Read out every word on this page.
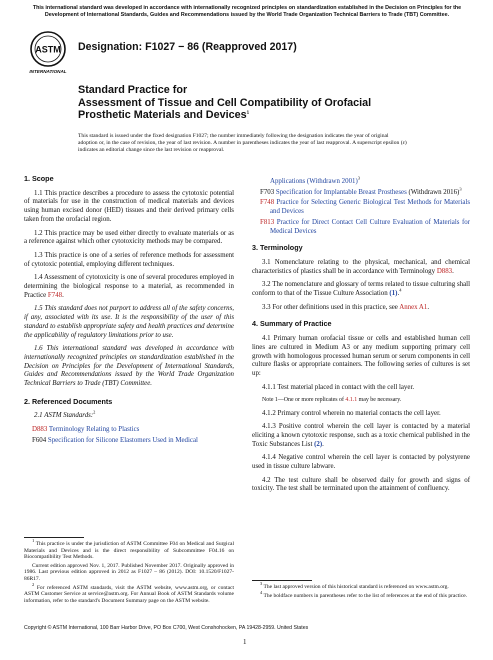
This international standard was developed in accordance with internationally recognized principles on standardization established in the Decision on Principles for the Development of International Standards, Guides and Recommendations issued by the World Trade Organization Technical Barriers to Trade (TBT) Committee.
ASTM
INTERNATIONAL
Designation: F1027 − 86 (Reapproved 2017)
Standard Practice for
Assessment of Tissue and Cell Compatibility of Orofacial
Prosthetic Materials and Devices$^1$
This standard is issued under the fixed designation F1027; the number immediately following the designation indicates the year of original adoption or, in the case of revision, the year of last revision. A number in parentheses indicates the year of last reapproval. A superscript epsilon (ε) indicates an editorial change since the last revision or reapproval.
1. Scope

1.1 This practice describes a procedure to assess the cytotoxic potential of materials for use in the construction of medical materials and devices using human excised donor (HED) tissues and their derived primary cells taken from the orofacial region.

1.2 This practice may be used either directly to evaluate materials or as a reference against which other cytotoxicity methods may be compared.

1.3 This practice is one of a series of reference methods for assessment of cytotoxic potential, employing different techniques.

1.4 Assessment of cytotoxicity is one of several procedures employed in determining the biological response to a material, as recommended in Practice F748.

1.5 This standard does not purport to address all of the safety concerns, if any, associated with its use. It is the responsibility of the user of this standard to establish appropriate safety and health practices and determine the applicability of regulatory limitations prior to use.

1.6 This international standard was developed in accordance with internationally recognized principles on standardization established in the Decision on Principles for the Development of International Standards, Guides and Recommendations issued by the World Trade Organization Technical Barriers to Trade (TBT) Committee.

2. Referenced Documents

2.1 ASTM Standards:$^2$

D883 Terminology Relating to Plastics
F604 Specification for Silicone Elastomers Used in Medical
Applications (Withdrawn 2001)$^3$
F703 Specification for Implantable Breast Prostheses (Withdrawn 2016)$^3$
F748 Practice for Selecting Generic Biological Test Methods for Materials and Devices
F813 Practice for Direct Contact Cell Culture Evaluation of Materials for Medical Devices
3. Terminology

3.1 Nomenclature relating to the physical, mechanical, and chemical characteristics of plastics shall be in accordance with Terminology D883.

3.2 The nomenclature and glossary of terms related to tissue culturing shall conform to that of the Tissue Culture Association (1).$^4$

3.3 For other definitions used in this practice, see Annex A1.

4. Summary of Practice

4.1 Primary human orofacial tissue or cells and established human cell lines are cultured in Medium A3 or any medium supporting primary cell growth with homologous processed human serum or serum components in cell culture flasks or appropriate containers. The following series of cultures is set up:

4.1.1 Test material placed in contact with the cell layer.

Note 1—One or more replicates of 4.1.1 may be necessary.

4.1.2 Primary control wherein no material contacts the cell layer.

4.1.3 Positive control wherein the cell layer is contacted by a material eliciting a known cytotoxic response, such as a toxic chemical published in the Toxic Substances List (2).

4.1.4 Negative control wherein the cell layer is contacted by polystyrene used in tissue culture labware.

4.2 The test culture shall be observed daily for growth and signs of toxicity. The test shall be terminated upon the attainment of confluency.

$^1$ This practice is under the jurisdiction of ASTM Committee F04 on Medical and Surgical Materials and Devices and is the direct responsibility of Subcommittee F04.16 on Biocompatibility Test Methods.

Current edition approved Nov. 1, 2017. Published November 2017. Originally approved in 1986. Last previous edition approved in 2012 as F1027 – 86 (2012). DOI: 10.1520/F1027-86R17.

$^2$ For referenced ASTM standards, visit the ASTM website, www.astm.org, or contact ASTM Customer Service at service@astm.org. For Annual Book of ASTM Standards volume information, refer to the standard's Document Summary page on the ASTM website.

$^3$ The last approved version of this historical standard is referenced on www.astm.org.

$^4$ The boldface numbers in parentheses refer to the list of references at the end of this practice.

Copyright © ASTM International, 100 Barr Harbor Drive, PO Box C700, West Conshohocken, PA 19428-2959. United States
1
